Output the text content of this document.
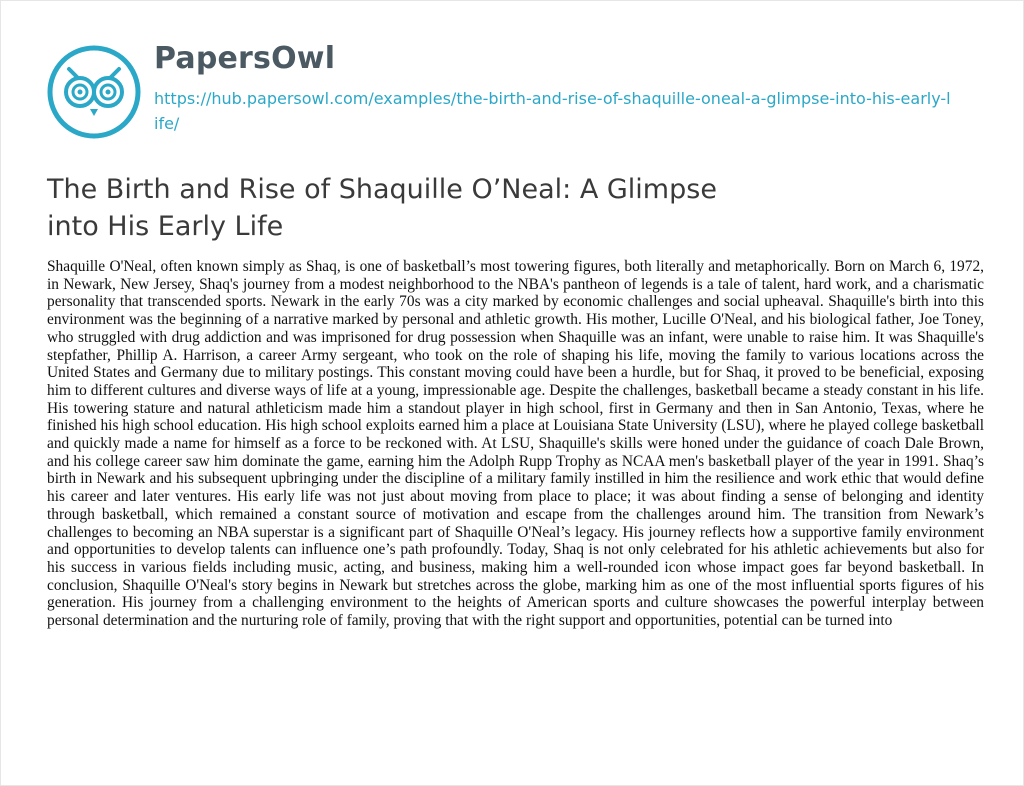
PapersOwl
https://hub.papersowl.com/examples/the-birth-and-rise-of-shaquille-oneal-a-glimpse-into-his-early-life/
The Birth and Rise of Shaquille O’Neal: A Glimpse into His Early Life

Shaquille O'Neal, often known simply as Shaq, is one of basketball’s most towering figures, both literally and metaphorically. Born on March 6, 1972, in Newark, New Jersey, Shaq's journey from a modest neighborhood to the NBA's pantheon of legends is a tale of talent, hard work, and a charismatic personality that transcended sports. Newark in the early 70s was a city marked by economic challenges and social upheaval. Shaquille's birth into this environment was the beginning of a narrative marked by personal and athletic growth. His mother, Lucille O'Neal, and his biological father, Joe Toney, who struggled with drug addiction and was imprisoned for drug possession when Shaquille was an infant, were unable to raise him. It was Shaquille's stepfather, Phillip A. Harrison, a career Army sergeant, who took on the role of shaping his life, moving the family to various locations across the United States and Germany due to military postings. This constant moving could have been a hurdle, but for Shaq, it proved to be beneficial, exposing him to different cultures and diverse ways of life at a young, impressionable age. Despite the challenges, basketball became a steady constant in his life. His towering stature and natural athleticism made him a standout player in high school, first in Germany and then in San Antonio, Texas, where he finished his high school education. His high school exploits earned him a place at Louisiana State University (LSU), where he played college basketball and quickly made a name for himself as a force to be reckoned with. At LSU, Shaquille's skills were honed under the guidance of coach Dale Brown, and his college career saw him dominate the game, earning him the Adolph Rupp Trophy as NCAA men's basketball player of the year in 1991. Shaq’s birth in Newark and his subsequent upbringing under the discipline of a military family instilled in him the resilience and work ethic that would define his career and later ventures. His early life was not just about moving from place to place; it was about finding a sense of belonging and identity through basketball, which remained a constant source of motivation and escape from the challenges around him. The transition from Newark’s challenges to becoming an NBA superstar is a significant part of Shaquille O'Neal’s legacy. His journey reflects how a supportive family environment and opportunities to develop talents can influence one’s path profoundly. Today, Shaq is not only celebrated for his athletic achievements but also for his success in various fields including music, acting, and business, making him a well-rounded icon whose impact goes far beyond basketball. In conclusion, Shaquille O'Neal's story begins in Newark but stretches across the globe, marking him as one of the most influential sports figures of his generation. His journey from a challenging environment to the heights of American sports and culture showcases the powerful interplay between personal determination and the nurturing role of family, proving that with the right support and opportunities, potential can be turned into
